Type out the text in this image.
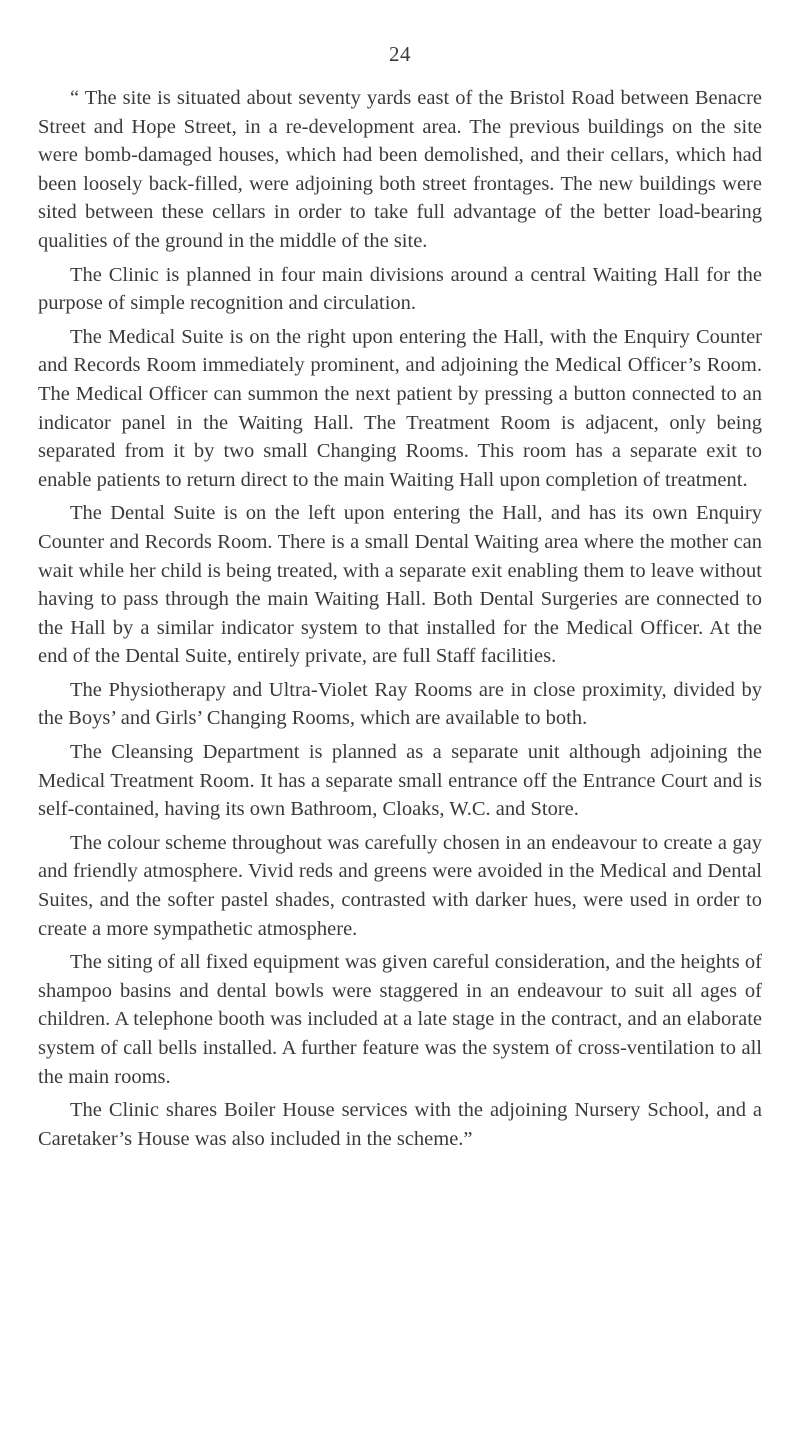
24

“ The site is situated about seventy yards east of the Bristol Road between Benacre Street and Hope Street, in a re-development area. The previous buildings on the site were bomb-damaged houses, which had been demolished, and their cellars, which had been loosely back-filled, were adjoining both street frontages. The new buildings were sited between these cellars in order to take full advantage of the better load-bearing qualities of the ground in the middle of the site.

The Clinic is planned in four main divisions around a central Waiting Hall for the purpose of simple recognition and circulation.

The Medical Suite is on the right upon entering the Hall, with the Enquiry Counter and Records Room immediately prominent, and adjoining the Medical Officer’s Room. The Medical Officer can summon the next patient by pressing a button connected to an indicator panel in the Waiting Hall. The Treatment Room is adjacent, only being separated from it by two small Changing Rooms. This room has a separate exit to enable patients to return direct to the main Waiting Hall upon completion of treatment.

The Dental Suite is on the left upon entering the Hall, and has its own Enquiry Counter and Records Room. There is a small Dental Waiting area where the mother can wait while her child is being treated, with a separate exit enabling them to leave without having to pass through the main Waiting Hall. Both Dental Surgeries are connected to the Hall by a similar indicator system to that installed for the Medical Officer. At the end of the Dental Suite, entirely private, are full Staff facilities.

The Physiotherapy and Ultra-Violet Ray Rooms are in close proximity, divided by the Boys’ and Girls’ Changing Rooms, which are available to both.

The Cleansing Department is planned as a separate unit although adjoining the Medical Treatment Room. It has a separate small entrance off the Entrance Court and is self-contained, having its own Bathroom, Cloaks, W.C. and Store.

The colour scheme throughout was carefully chosen in an endeavour to create a gay and friendly atmosphere. Vivid reds and greens were avoided in the Medical and Dental Suites, and the softer pastel shades, contrasted with darker hues, were used in order to create a more sympathetic atmosphere.

The siting of all fixed equipment was given careful consideration, and the heights of shampoo basins and dental bowls were staggered in an endeavour to suit all ages of children. A telephone booth was included at a late stage in the contract, and an elaborate system of call bells installed. A further feature was the system of cross-ventilation to all the main rooms.

The Clinic shares Boiler House services with the adjoining Nursery School, and a Caretaker’s House was also included in the scheme.”
